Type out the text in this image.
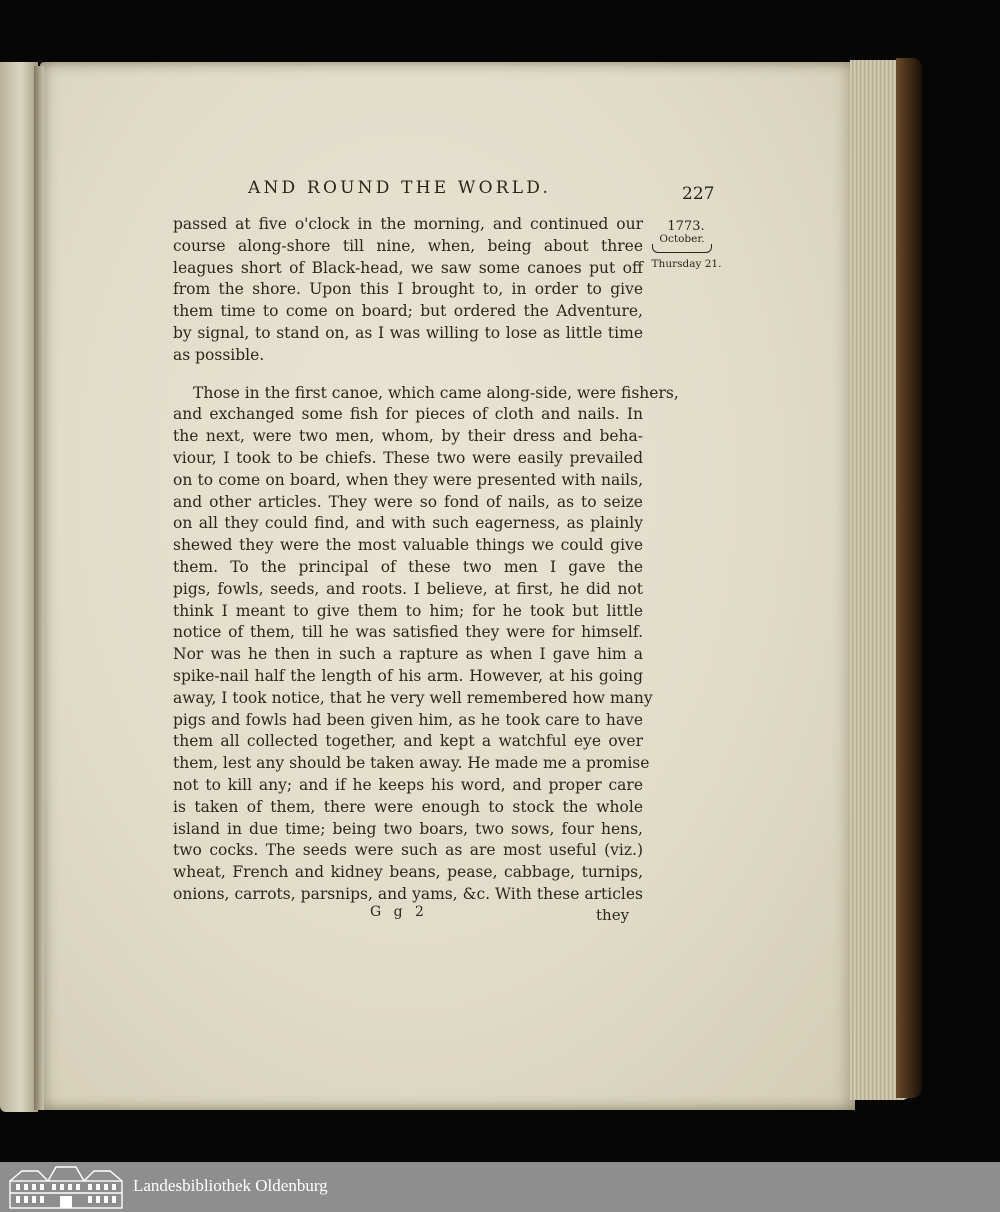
AND ROUND THE WORLD.	227
1773.
October.
Thursday 21.
passed at five o'clock in the morning, and continued our
course along-shore till nine, when, being about three
leagues short of Black-head, we saw some canoes put off
from the shore. Upon this I brought to, in order to give
them time to come on board; but ordered the Adventure,
by signal, to stand on, as I was willing to lose as little time
as possible.
Those in the first canoe, which came along-side, were fishers,
and exchanged some fish for pieces of cloth and nails. In
the next, were two men, whom, by their dress and beha-
viour, I took to be chiefs. These two were easily prevailed
on to come on board, when they were presented with nails,
and other articles. They were so fond of nails, as to seize
on all they could find, and with such eagerness, as plainly
shewed they were the most valuable things we could give
them. To the principal of these two men I gave the
pigs, fowls, seeds, and roots. I believe, at first, he did not
think I meant to give them to him; for he took but little
notice of them, till he was satisfied they were for himself.
Nor was he then in such a rapture as when I gave him a
spike-nail half the length of his arm. However, at his going
away, I took notice, that he very well remembered how many
pigs and fowls had been given him, as he took care to have
them all collected together, and kept a watchful eye over
them, lest any should be taken away. He made me a promise
not to kill any; and if he keeps his word, and proper care
is taken of them, there were enough to stock the whole
island in due time; being two boars, two sows, four hens,
two cocks. The seeds were such as are most useful (viz.)
wheat, French and kidney beans, pease, cabbage, turnips,
onions, carrots, parsnips, and yams, &c. With these articles
G g 2	they
Landesbibliothek Oldenburg
